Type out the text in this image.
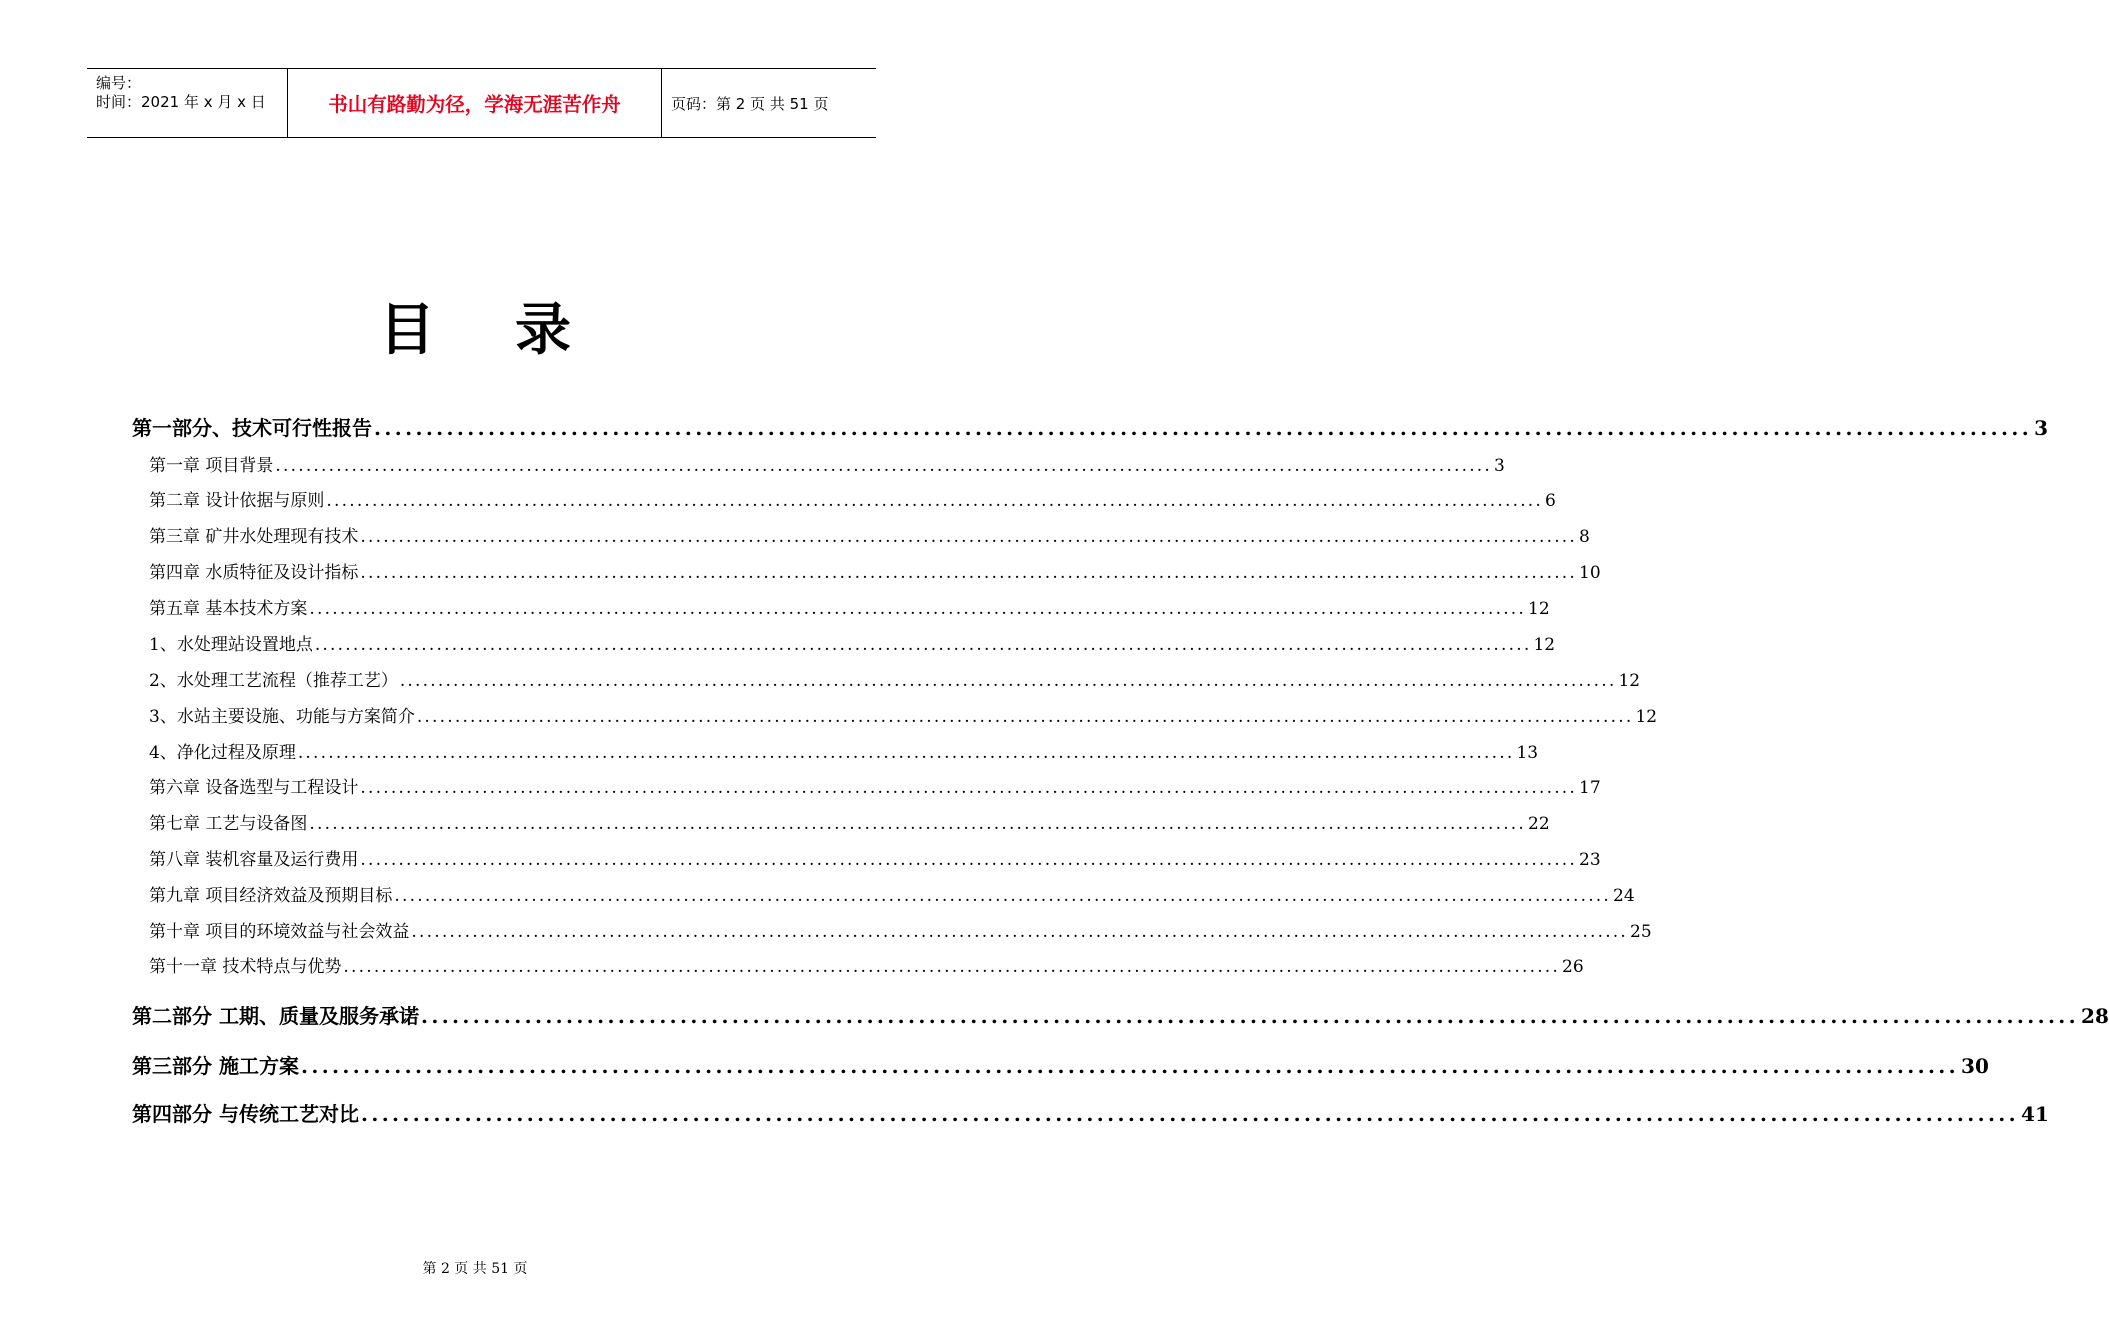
编号：
时间：2021 年 x 月 x 日	书山有路勤为径，学海无涯苦作舟	页码：第 2 页 共 51 页
目录
第一部分、技术可行性报告 ................................................................................................................................................................ 3
第一章 项目背景 ................................................................................................................................................................ 3
第二章 设计依据与原则 ................................................................................................................................................................ 6
第三章 矿井水处理现有技术 ................................................................................................................................................................ 8
第四章 水质特征及设计指标 ................................................................................................................................................................ 10
第五章 基本技术方案 ................................................................................................................................................................ 12
1、水处理站设置地点 ................................................................................................................................................................ 12
2、水处理工艺流程（推荐工艺） ................................................................................................................................................................ 12
3、水站主要设施、功能与方案简介 ................................................................................................................................................................ 12
4、净化过程及原理 ................................................................................................................................................................ 13
第六章 设备选型与工程设计 ................................................................................................................................................................ 17
第七章 工艺与设备图 ................................................................................................................................................................ 22
第八章 装机容量及运行费用 ................................................................................................................................................................ 23
第九章 项目经济效益及预期目标 ................................................................................................................................................................ 24
第十章 项目的环境效益与社会效益 ................................................................................................................................................................ 25
第十一章 技术特点与优势 ................................................................................................................................................................ 26
第二部分 工期、质量及服务承诺 ................................................................................................................................................................ 28
第三部分 施工方案 ................................................................................................................................................................ 30
第四部分 与传统工艺对比 ................................................................................................................................................................ 41
第 2 页 共 51 页
